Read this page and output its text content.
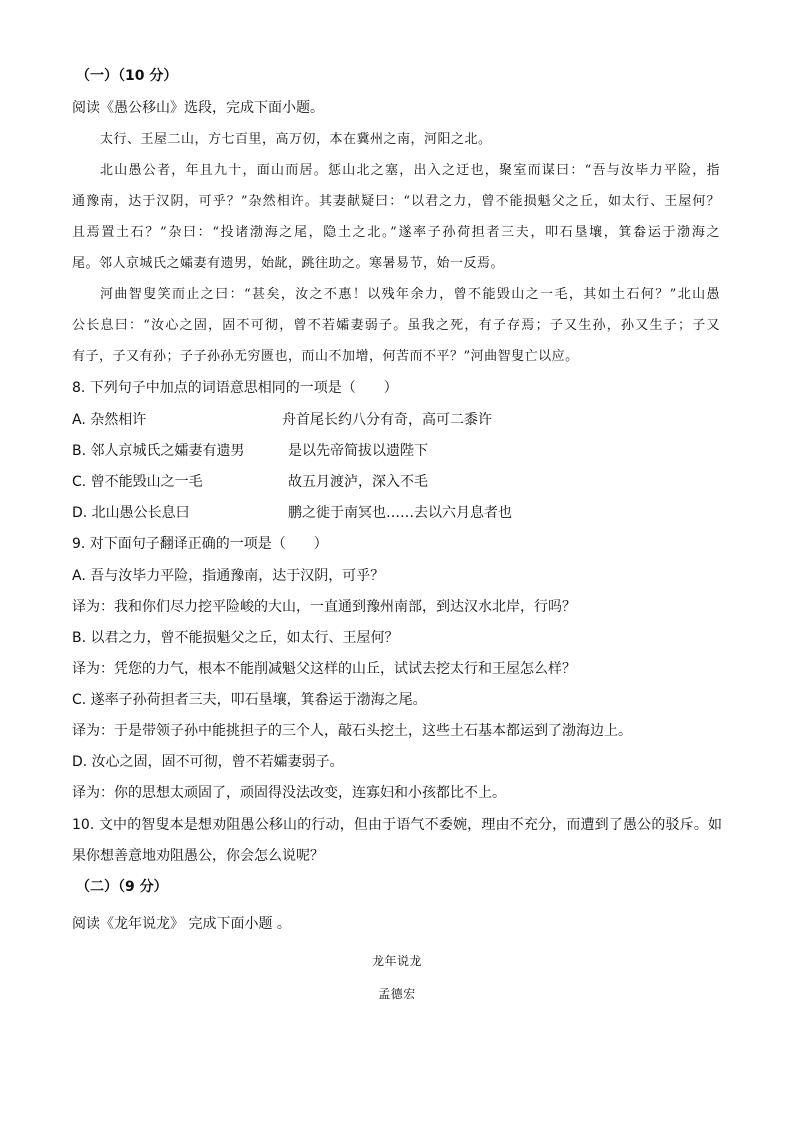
（一）（10 分）
阅读《愚公移山》选段，完成下面小题。
太行、王屋二山，方七百里，高万仞，本在冀州之南，河阳之北。
北山愚公者，年且九十，面山而居。惩山北之塞，出入之迂也，聚室而谋曰：“吾与汝毕力平险，指
通豫南，达于汉阴，可乎？”杂然相许。其妻献疑曰：“以君之力，曾不能损魁父之丘，如太行、王屋何？
且焉置土石？”杂曰：“投诸渤海之尾，隐土之北。”遂率子孙荷担者三夫，叩石垦壤，箕畚运于渤海之
尾。邻人京城氏之孀妻有遗男，始龀，跳往助之。寒暑易节，始一反焉。
河曲智叟笑而止之曰：“甚矣，汝之不惠！以残年余力，曾不能毁山之一毛，其如土石何？”北山愚
公长息曰：“汝心之固，固不可彻，曾不若孀妻弱子。虽我之死，有子存焉；子又生孙，孙又生子；子又
有子，子又有孙；子子孙孙无穷匮也，而山不加增，何苦而不平？”河曲智叟亡以应。
8. 下列句子中加点的词语意思相同的一项是（　　）
A. 杂然相许	舟首尾长约八分有奇，高可二黍许
B. 邻人京城氏之孀妻有遗男	是以先帝简拔以遗陛下
C. 曾不能毁山之一毛	故五月渡泸，深入不毛
D. 北山愚公长息曰	鹏之徙于南冥也……去以六月息者也
9. 对下面句子翻译正确的一项是（　　）
A. 吾与汝毕力平险，指通豫南，达于汉阴，可乎？
译为：我和你们尽力挖平险峻的大山，一直通到豫州南部，到达汉水北岸，行吗？
B. 以君之力，曾不能损魁父之丘，如太行、王屋何？
译为：凭您的力气，根本不能削减魁父这样的山丘，试试去挖太行和王屋怎么样？
C. 遂率子孙荷担者三夫，叩石垦壤，箕畚运于渤海之尾。
译为：于是带领子孙中能挑担子的三个人，敲石头挖土，这些土石基本都运到了渤海边上。
D. 汝心之固，固不可彻，曾不若孀妻弱子。
译为：你的思想太顽固了，顽固得没法改变，连寡妇和小孩都比不上。
10. 文中的智叟本是想劝阻愚公移山的行动，但由于语气不委婉，理由不充分，而遭到了愚公的驳斥。如
果你想善意地劝阻愚公，你会怎么说呢？
（二）（9 分）
阅读《龙年说龙》 完成下面小题 。
龙年说龙
孟德宏
